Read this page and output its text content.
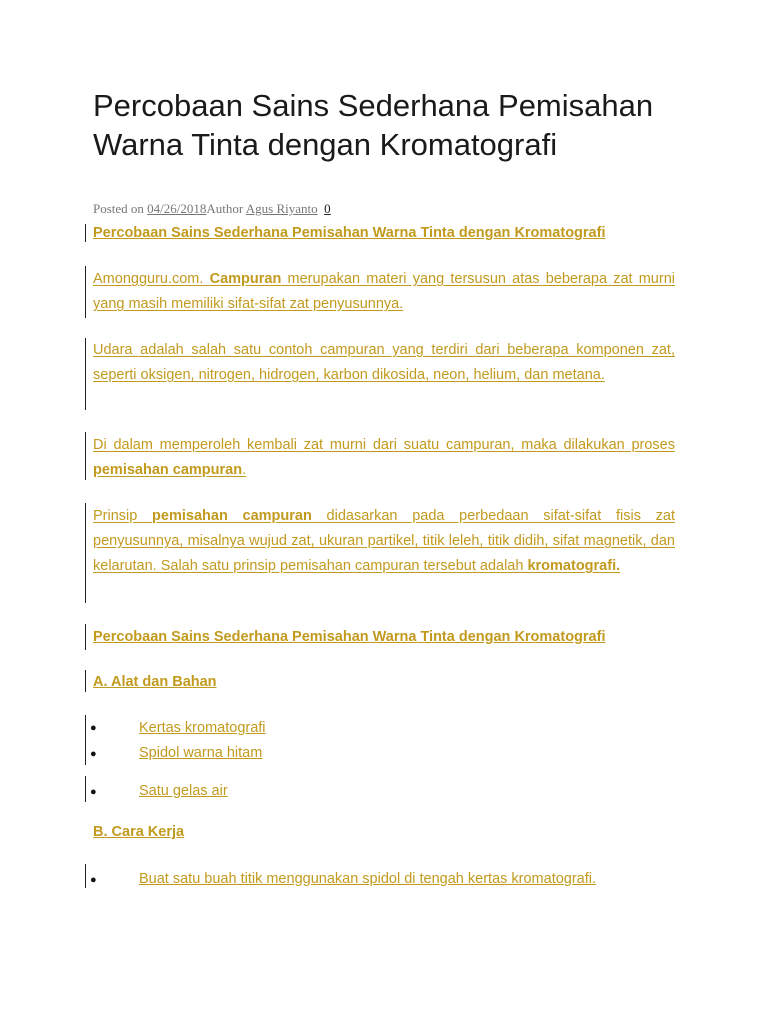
Percobaan Sains Sederhana Pemisahan Warna Tinta dengan Kromatografi
Posted on 04/26/2018Author Agus Riyanto 0
Percobaan Sains Sederhana Pemisahan Warna Tinta dengan Kromatografi

Amongguru.com. Campuran merupakan materi yang tersusun atas beberapa zat murni yang masih memiliki sifat-sifat zat penyusunnya.

Udara adalah salah satu contoh campuran yang terdiri dari beberapa komponen zat, seperti oksigen, nitrogen, hidrogen, karbon dikosida, neon, helium, dan metana.

Di dalam memperoleh kembali zat murni dari suatu campuran, maka dilakukan proses pemisahan campuran.

Prinsip pemisahan campuran didasarkan pada perbedaan sifat-sifat fisis zat penyusunnya, misalnya wujud zat, ukuran partikel, titik leleh, titik didih, sifat magnetik, dan kelarutan. Salah satu prinsip pemisahan campuran tersebut adalah kromatografi.

Percobaan Sains Sederhana Pemisahan Warna Tinta dengan Kromatografi
A. Alat dan Bahan
●	Kertas kromatografi
●	Spidol warna hitam
●	Satu gelas air
B. Cara Kerja
●	Buat satu buah titik menggunakan spidol di tengah kertas kromatografi.
